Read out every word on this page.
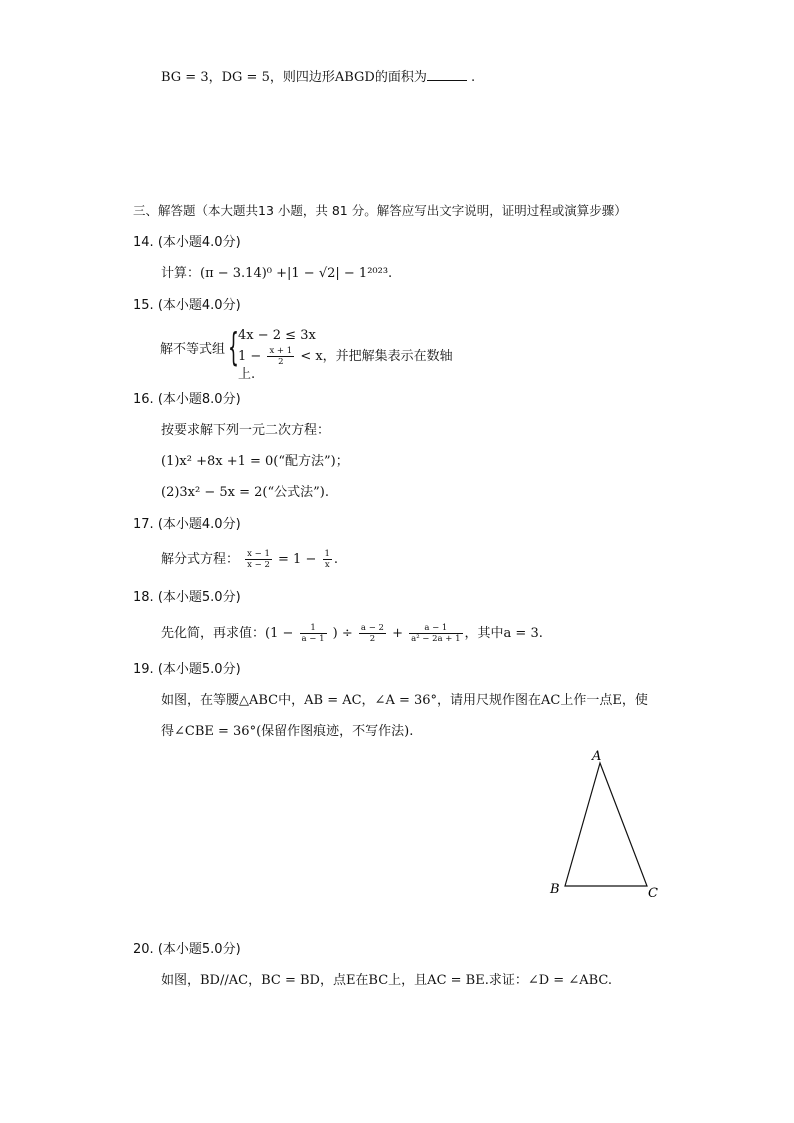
BG = 3，DG = 5，则四边形ABGD的面积为	.
三、解答题（本大题共13 小题，共 81 分。解答应写出文字说明，证明过程或演算步骤）
14. (本小题4.0分)
计算：(π − 3.14)⁰ +|1 − √2| − 1²⁰²³.
15. (本小题4.0分)
解不等式组 { 4x − 2 ≤ 3x
$1 - \frac{x + 1}{2} < x$，并把解集表示在数轴上.
16. (本小题8.0分)
按要求解下列一元二次方程：
(1)x² +8x +1 = 0(“配方法”)；
(2)3x² − 5x = 2(“公式法”).
17. (本小题4.0分)
解分式方程： $\frac{x - 1}{x - 2} = 1 - \frac{1}{x}$ .
18. (本小题5.0分)
先化简，再求值：($1 - \frac{1}{a - 1}$ ) ÷ $\frac{a - 2}{2} + \frac{a - 1}{\text{a² − 2a + 1}}$ ，其中a = 3.
19. (本小题5.0分)
如图，在等腰△ABC中，AB = AC，∠A = 36°，请用尺规作图在AC上作一点E，使
得∠CBE = 36°(保留作图痕迹，不写作法).
A
B	C
20. (本小题5.0分)
如图，BD//AC，BC = BD，点E在BC上，且AC = BE.求证：∠D = ∠ABC.
